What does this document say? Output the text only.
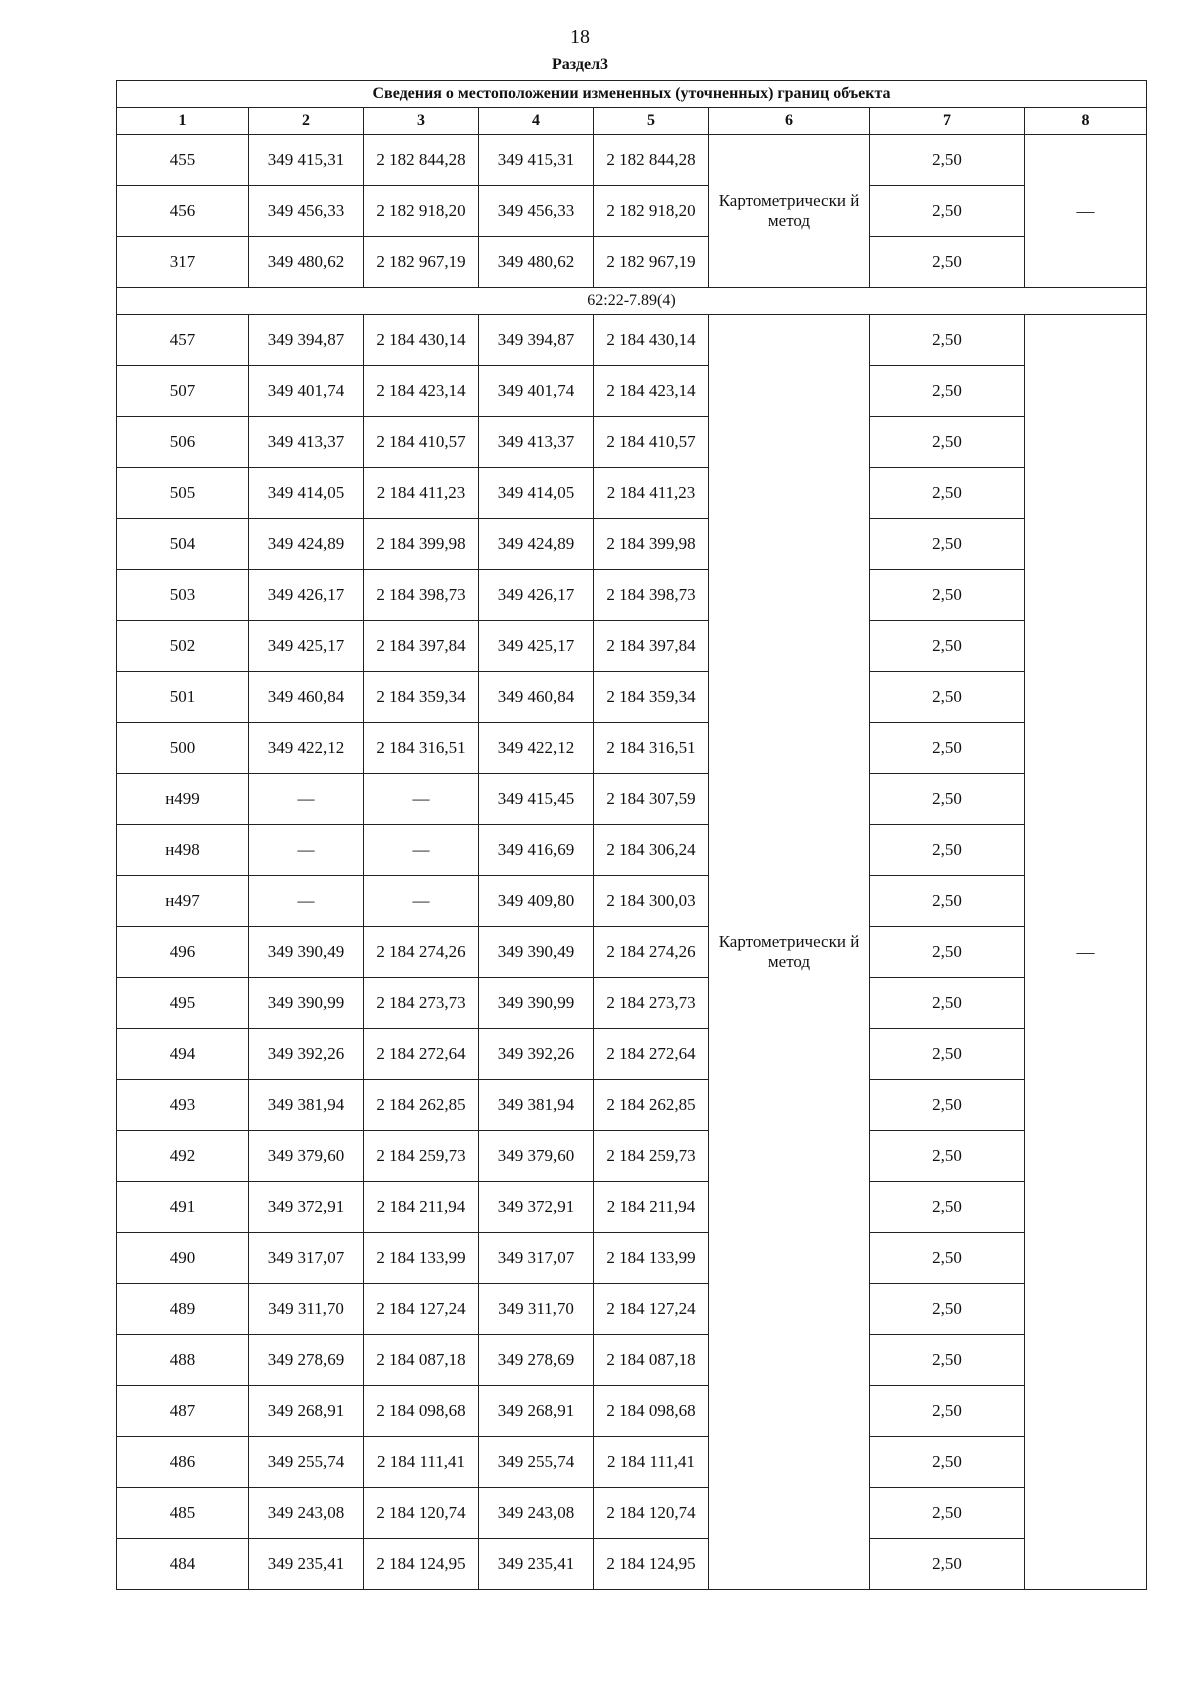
18
Раздел3
Сведения о местоположении измененных (уточненных) границ объекта							
1	2	3	4	5	6	7	8
455	349 415,31	2 182 844,28	349 415,31	2 182 844,28	Картометрически й метод	2,50	—
456	349 456,33	2 182 918,20	349 456,33	2 182 918,20		2,50	
317	349 480,62	2 182 967,19	349 480,62	2 182 967,19		2,50	
62:22-7.89(4)							
457	349 394,87	2 184 430,14	349 394,87	2 184 430,14	Картометрически й метод	2,50	—
507	349 401,74	2 184 423,14	349 401,74	2 184 423,14		2,50	
506	349 413,37	2 184 410,57	349 413,37	2 184 410,57		2,50	
505	349 414,05	2 184 411,23	349 414,05	2 184 411,23		2,50	
504	349 424,89	2 184 399,98	349 424,89	2 184 399,98		2,50	
503	349 426,17	2 184 398,73	349 426,17	2 184 398,73		2,50	
502	349 425,17	2 184 397,84	349 425,17	2 184 397,84		2,50	
501	349 460,84	2 184 359,34	349 460,84	2 184 359,34		2,50	
500	349 422,12	2 184 316,51	349 422,12	2 184 316,51		2,50	
н499	—	—	349 415,45	2 184 307,59		2,50	
н498	—	—	349 416,69	2 184 306,24		2,50	
н497	—	—	349 409,80	2 184 300,03		2,50	
496	349 390,49	2 184 274,26	349 390,49	2 184 274,26		2,50	
495	349 390,99	2 184 273,73	349 390,99	2 184 273,73		2,50	
494	349 392,26	2 184 272,64	349 392,26	2 184 272,64		2,50	
493	349 381,94	2 184 262,85	349 381,94	2 184 262,85		2,50	
492	349 379,60	2 184 259,73	349 379,60	2 184 259,73		2,50	
491	349 372,91	2 184 211,94	349 372,91	2 184 211,94		2,50	
490	349 317,07	2 184 133,99	349 317,07	2 184 133,99		2,50	
489	349 311,70	2 184 127,24	349 311,70	2 184 127,24		2,50	
488	349 278,69	2 184 087,18	349 278,69	2 184 087,18		2,50	
487	349 268,91	2 184 098,68	349 268,91	2 184 098,68		2,50	
486	349 255,74	2 184 111,41	349 255,74	2 184 111,41		2,50	
485	349 243,08	2 184 120,74	349 243,08	2 184 120,74		2,50	
484	349 235,41	2 184 124,95	349 235,41	2 184 124,95		2,50	
